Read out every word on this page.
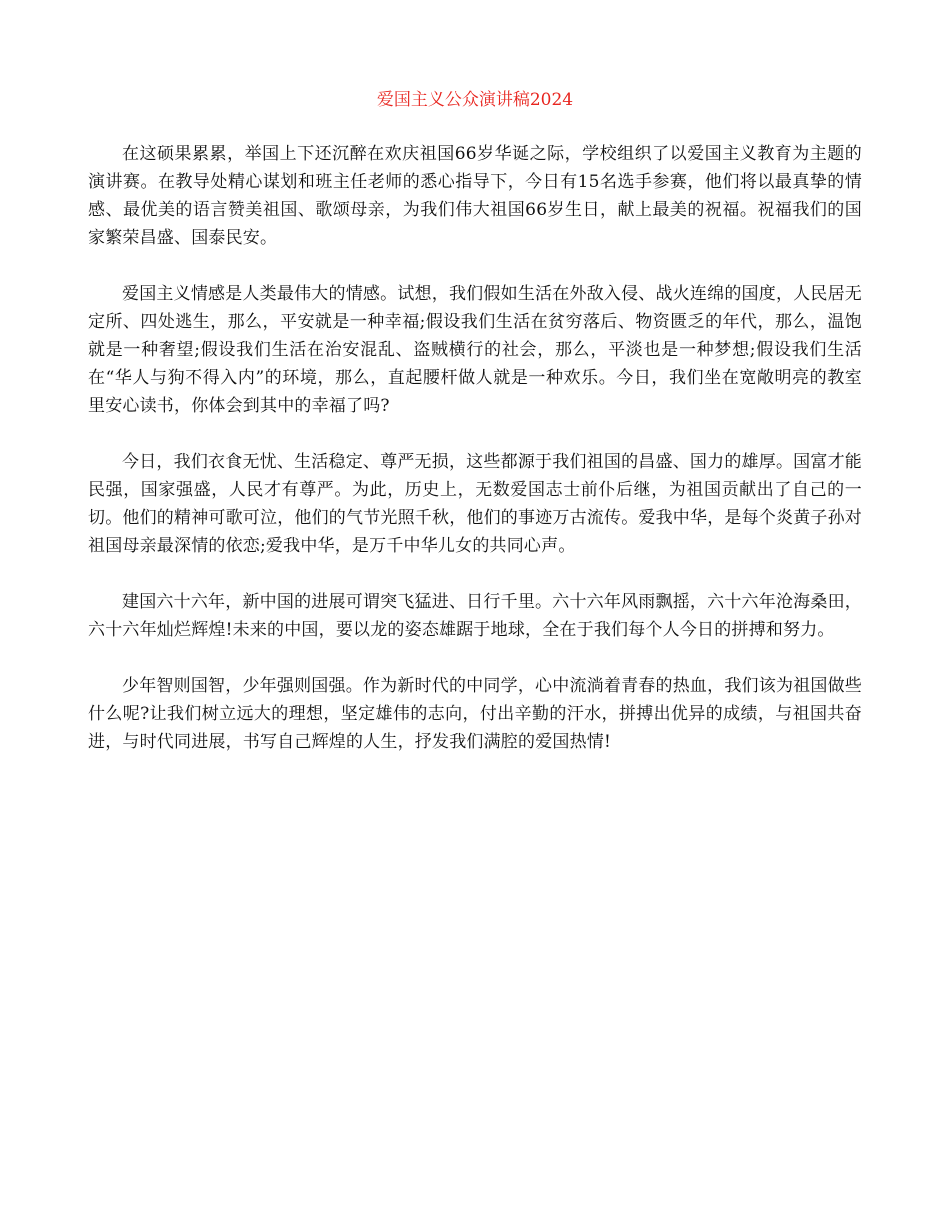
爱国主义公众演讲稿2024

在这硕果累累，举国上下还沉醉在欢庆祖国66岁华诞之际，学校组织了以爱国主义教育为主题的演讲赛。在教导处精心谋划和班主任老师的悉心指导下，今日有15名选手参赛，他们将以最真挚的情感、最优美的语言赞美祖国、歌颂母亲，为我们伟大祖国66岁生日，献上最美的祝福。祝福我们的国家繁荣昌盛、国泰民安。

爱国主义情感是人类最伟大的情感。试想，我们假如生活在外敌入侵、战火连绵的国度，人民居无定所、四处逃生，那么，平安就是一种幸福;假设我们生活在贫穷落后、物资匮乏的年代，那么，温饱就是一种奢望;假设我们生活在治安混乱、盗贼横行的社会，那么，平淡也是一种梦想;假设我们生活在“华人与狗不得入内”的环境，那么，直起腰杆做人就是一种欢乐。今日，我们坐在宽敞明亮的教室里安心读书，你体会到其中的幸福了吗?

今日，我们衣食无忧、生活稳定、尊严无损，这些都源于我们祖国的昌盛、国力的雄厚。国富才能民强，国家强盛，人民才有尊严。为此，历史上，无数爱国志士前仆后继，为祖国贡献出了自己的一切。他们的精神可歌可泣，他们的气节光照千秋，他们的事迹万古流传。爱我中华，是每个炎黄子孙对祖国母亲最深情的依恋;爱我中华，是万千中华儿女的共同心声。

建国六十六年，新中国的进展可谓突飞猛进、日行千里。六十六年风雨飘摇，六十六年沧海桑田，六十六年灿烂辉煌!未来的中国，要以龙的姿态雄踞于地球，全在于我们每个人今日的拼搏和努力。

少年智则国智，少年强则国强。作为新时代的中同学，心中流淌着青春的热血，我们该为祖国做些什么呢?让我们树立远大的理想，坚定雄伟的志向，付出辛勤的汗水，拼搏出优异的成绩，与祖国共奋进，与时代同进展，书写自己辉煌的人生，抒发我们满腔的爱国热情!
